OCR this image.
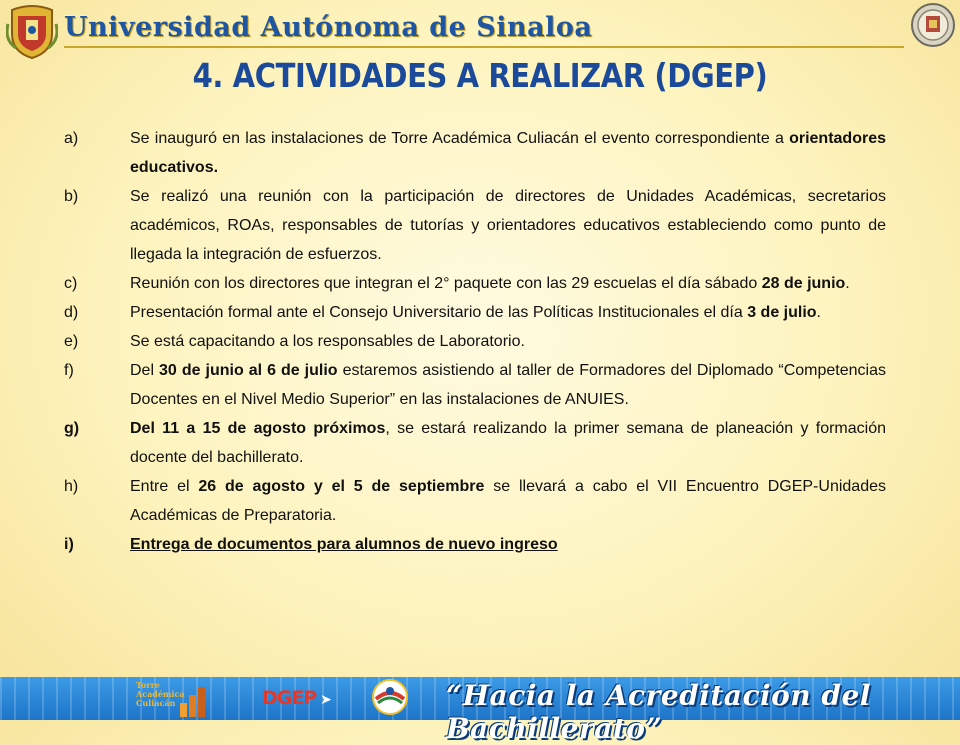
Universidad Autónoma de Sinaloa
4. ACTIVIDADES A REALIZAR (DGEP)
a)	Se inauguró en las instalaciones de Torre Académica Culiacán el evento correspondiente a orientadores educativos.
b)	Se realizó una reunión con la participación de directores de Unidades Académicas, secretarios académicos, ROAs, responsables de tutorías y orientadores educativos estableciendo como punto de llegada la integración de esfuerzos.
c)	Reunión con los directores que integran el 2° paquete con las 29 escuelas el día sábado 28 de junio.
d)	Presentación formal ante el Consejo Universitario de las Políticas Institucionales el día 3 de julio.
e)	Se está capacitando a los responsables de Laboratorio.
f)	Del 30 de junio al 6 de julio estaremos asistiendo al taller de Formadores del Diplomado “Competencias Docentes en el Nivel Medio Superior” en las instalaciones de ANUIES.
g)	Del 11 a 15 de agosto próximos, se estará realizando la primer semana de planeación y formación docente del bachillerato.
h)	Entre el 26 de agosto y el 5 de septiembre se llevará a cabo el VII Encuentro DGEP-Unidades Académicas de Preparatoria.
i)	Entrega de documentos para alumnos de nuevo ingreso
Torre
Académica
Culiacán	DGEP ➤	“Hacia la Acreditación del Bachillerato”
